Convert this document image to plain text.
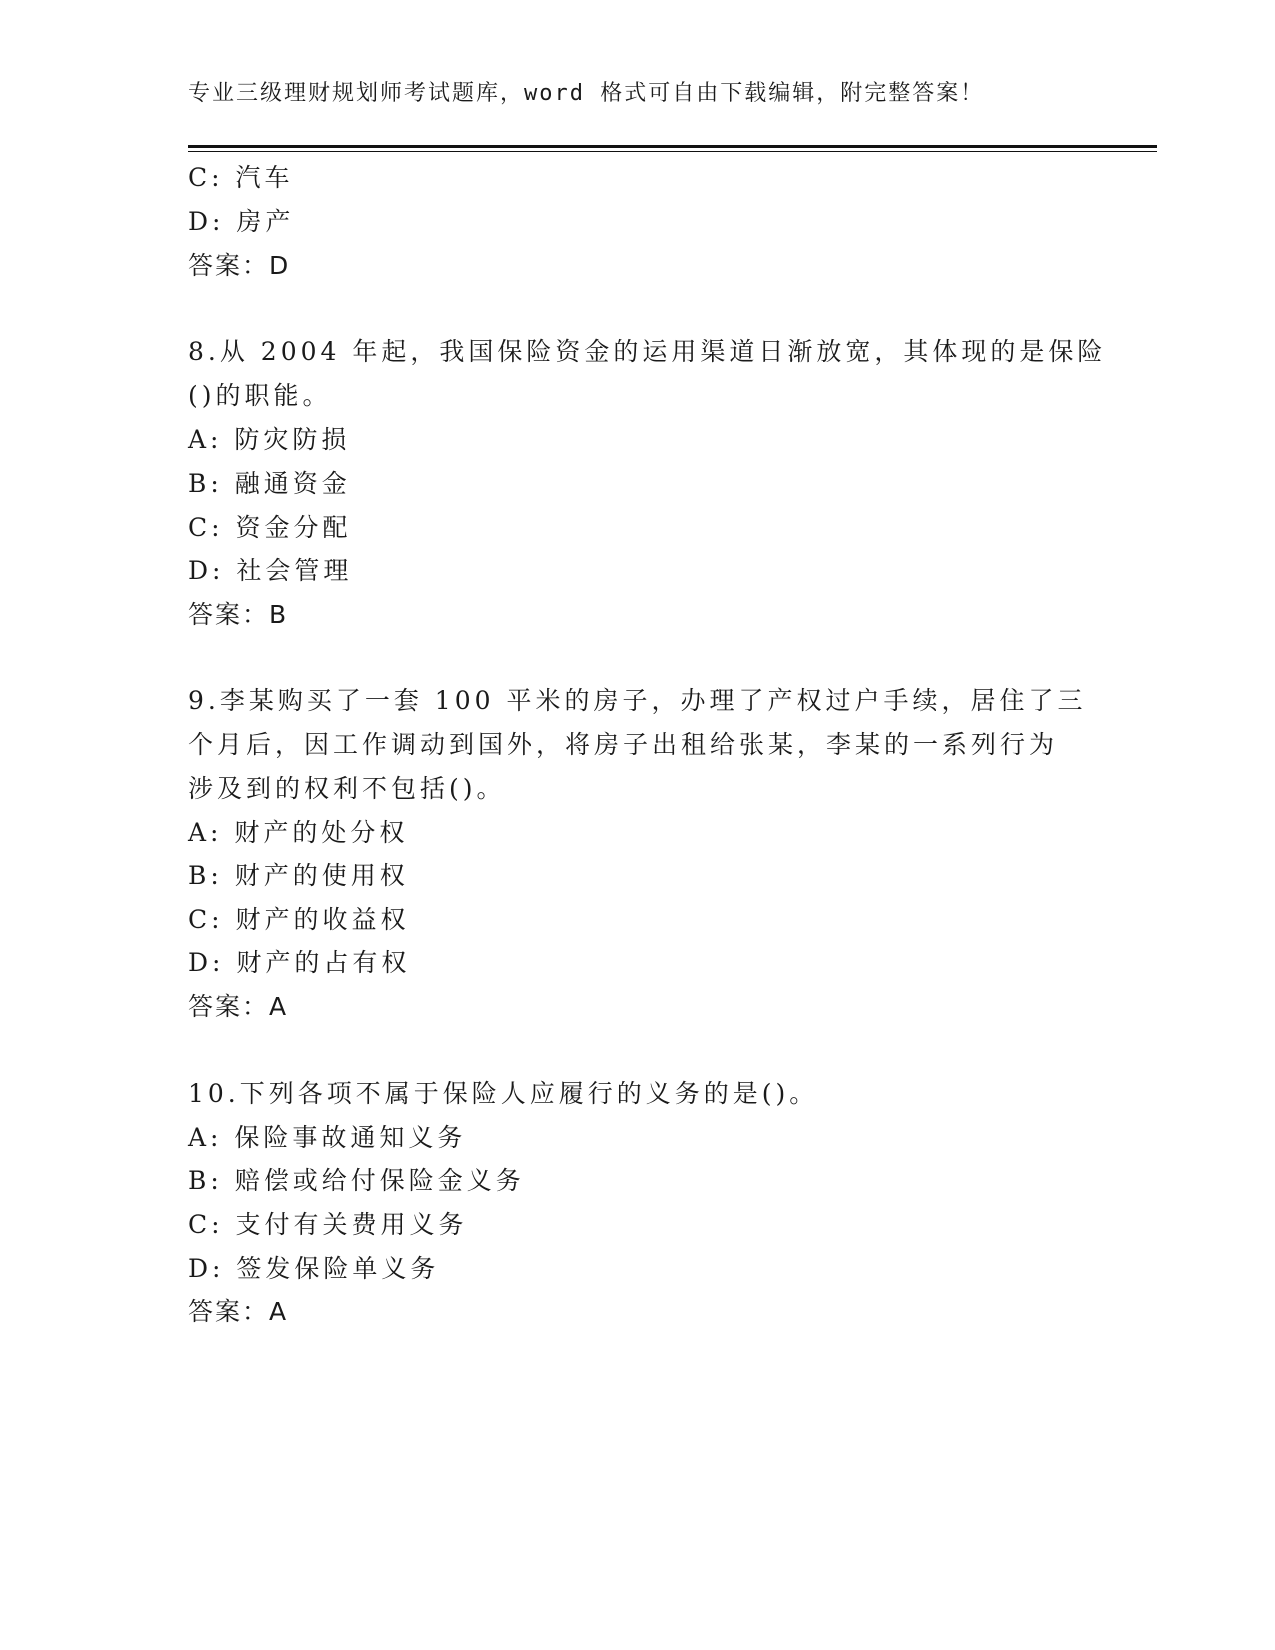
专业三级理财规划师考试题库，word 格式可自由下载编辑，附完整答案！
C: 汽车
D: 房产
答案：D
8.从 2004 年起，我国保险资金的运用渠道日渐放宽，其体现的是保险
()的职能。
A: 防灾防损
B: 融通资金
C: 资金分配
D: 社会管理
答案：B
9.李某购买了一套 100 平米的房子，办理了产权过户手续，居住了三
个月后，因工作调动到国外，将房子出租给张某，李某的一系列行为
涉及到的权利不包括()。
A: 财产的处分权
B: 财产的使用权
C: 财产的收益权
D: 财产的占有权
答案：A
10.下列各项不属于保险人应履行的义务的是()。
A: 保险事故通知义务
B: 赔偿或给付保险金义务
C: 支付有关费用义务
D: 签发保险单义务
答案：A
